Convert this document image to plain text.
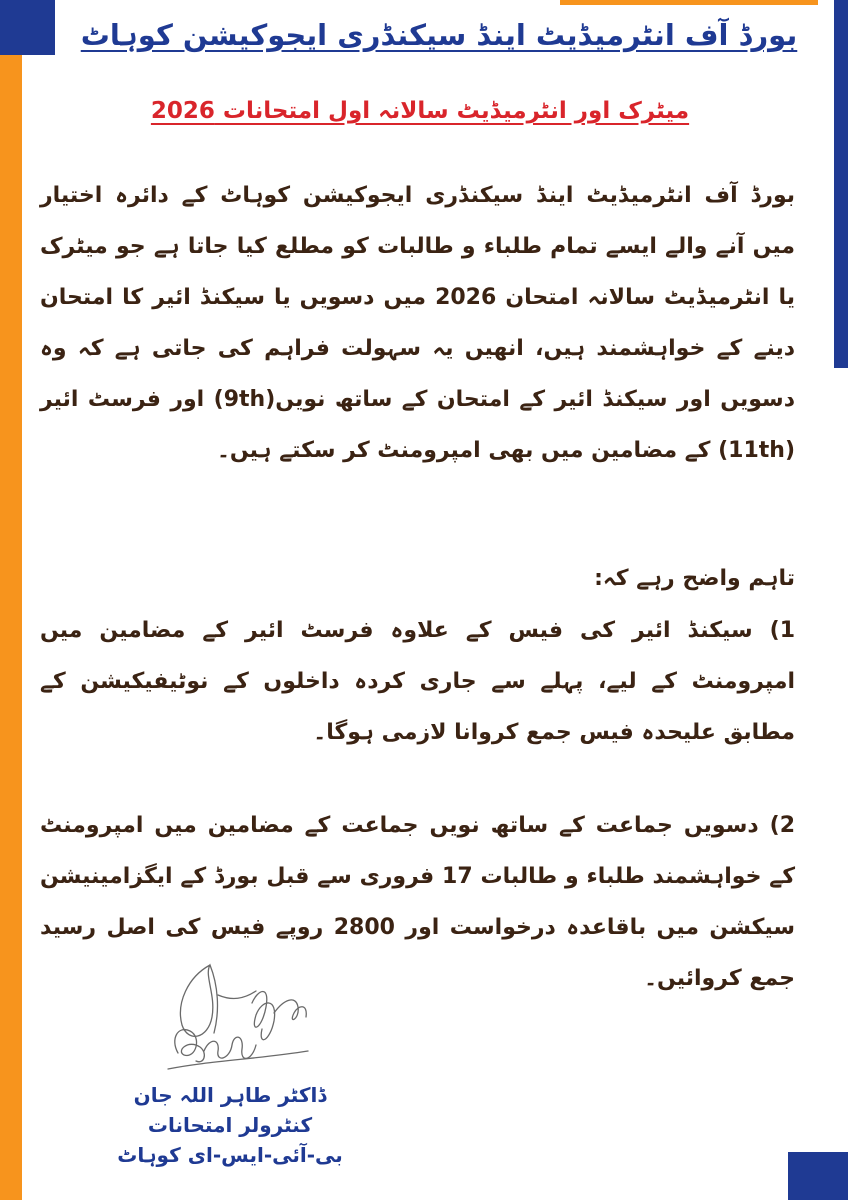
بورڈ آف انٹرمیڈیٹ اینڈ سیکنڈری ایجوکیشن کوہاٹ
میٹرک اور انٹرمیڈیٹ سالانہ اول امتحانات 2026
بورڈ آف انٹرمیڈیٹ اینڈ سیکنڈری ایجوکیشن کوہاٹ کے دائرہ اختیار میں آنے والے ایسے تمام طلباء و طالبات کو مطلع کیا جاتا ہے جو میٹرک یا انٹرمیڈیٹ سالانہ امتحان 2026 میں دسویں یا سیکنڈ ائیر کا امتحان دینے کے خواہشمند ہیں، انھیں یہ سہولت فراہم کی جاتی ہے کہ وہ دسویں اور سیکنڈ ائیر کے امتحان کے ساتھ نویں(9th) اور فرسٹ ائیر (11th) کے مضامین میں بھی امپرومنٹ کر سکتے ہیں۔
تاہم واضح رہے کہ:
1) سیکنڈ ائیر کی فیس کے علاوہ فرسٹ ائیر کے مضامین میں امپرومنٹ کے لیے، پہلے سے جاری کردہ داخلوں کے نوٹیفیکیشن کے مطابق علیحدہ فیس جمع کروانا لازمی ہوگا۔
2) دسویں جماعت کے ساتھ نویں جماعت کے مضامین میں امپرومنٹ کے خواہشمند طلباء و طالبات 17 فروری سے قبل بورڈ کے ایگزامینیشن سیکشن میں باقاعدہ درخواست اور 2800 روپے فیس کی اصل رسید جمع کروائیں۔
ڈاکٹر طاہر اللہ جان
کنٹرولر امتحانات
بی-آئی-ایس-ای کوہاٹ
